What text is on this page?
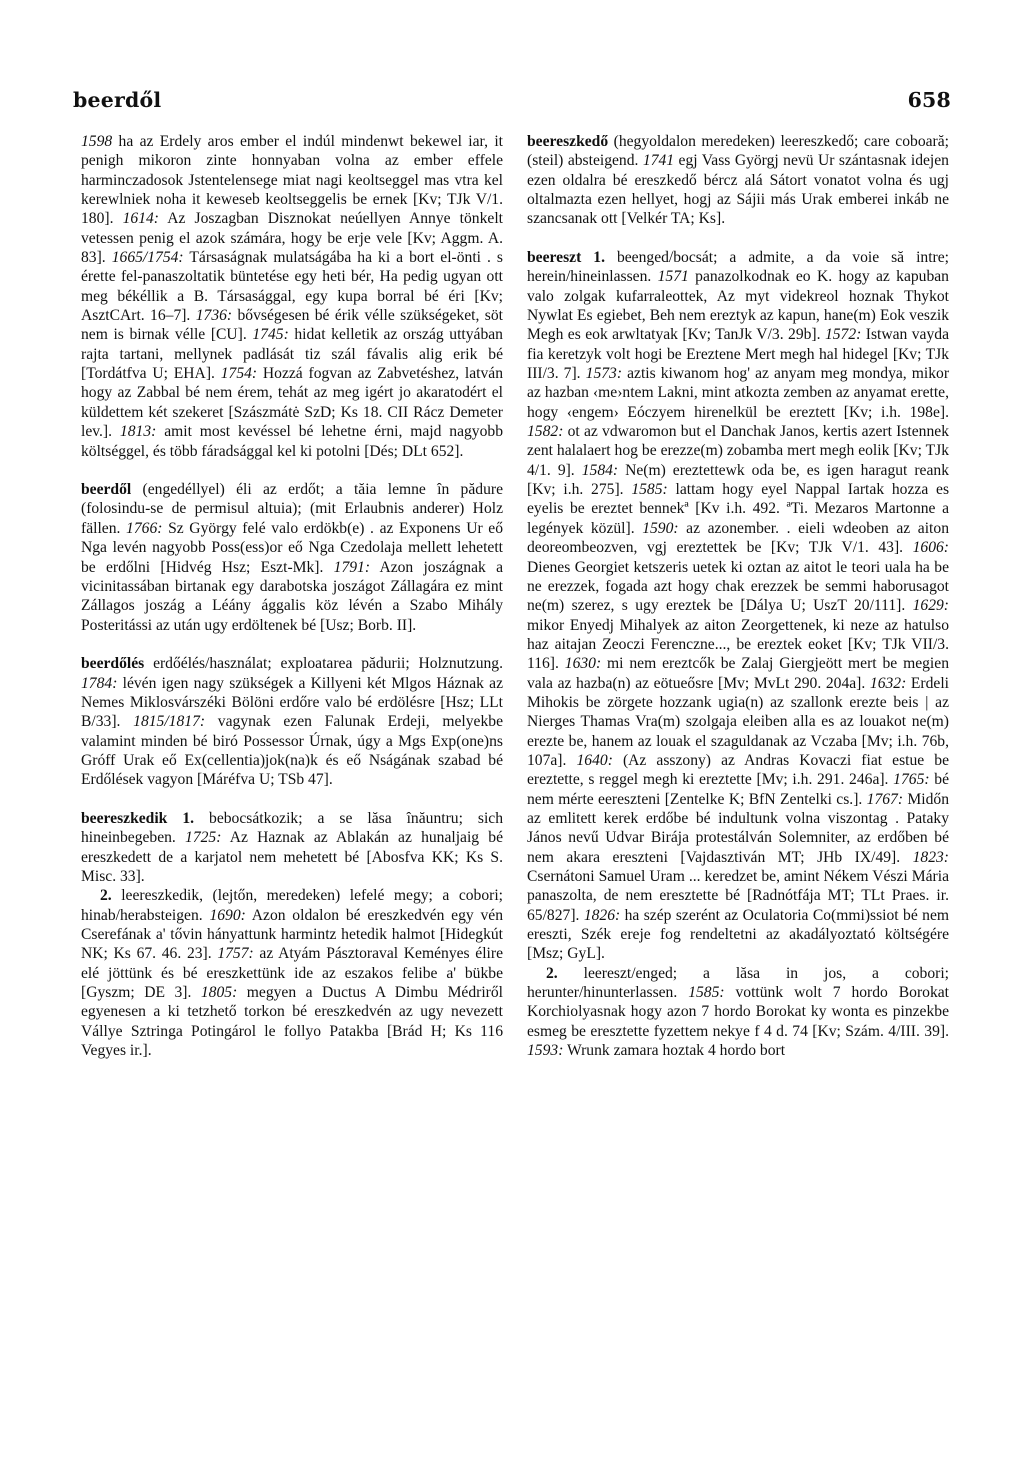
beerdől	658

1598 ha az Erdely aros ember el indúl mindenwt bekewel iar, it penigh mikoron zinte honnyaban volna az ember effele harminczadosok Jstentelensege miat nagi keoltseggel mas vtra kel kerewlniek noha it keweseb keoltseggelis be ernek [Kv; TJk V/1. 180]. 1614: Az Joszagban Disznokat neúellyen Annye tönkelt vetessen penig el azok számára, hogy be erje vele [Kv; Aggm. A. 83]. 1665/1754: Társaságnak mulatságába ha ki a bort el-önti . s érette fel-panaszoltatik büntetése egy heti bér, Ha pedig ugyan ott meg békéllik a B. Társasággal, egy kupa borral bé éri [Kv; AsztCArt. 16–7]. 1736: bővségesen bé érik vélle szükségeket, söt nem is birnak vélle [CU]. 1745: hidat kelletik az ország uttyában rajta tartani, mellynek padlását tiz szál fávalis alig erik bé [Tordátfva U; EHA]. 1754: Hozzá fogvan az Zabvetéshez, latván hogy az Zabbal bé nem érem, tehát az meg igért jo akaratodért el küldettem két szekeret [Szászmátė SzD; Ks 18. CII Rácz Demeter lev.]. 1813: amit most kevéssel bé lehetne érni, majd nagyobb költséggel, és több fáradsággal kel ki potolni [Dés; DLt 652].

beerdől (engedéllyel) éli az erdőt; a tăia lemne în pădure (folosindu-se de permisul altuia); (mit Erlaubnis anderer) Holz fällen. 1766: Sz György felé valo erdökb(e) . az Exponens Ur eő Nga levén nagyobb Poss(ess)or eő Nga Czedolaja mellett lehetett be erdőlni [Hidvég Hsz; Eszt-Mk]. 1791: Azon joszágnak a vicinitassában birtanak egy darabotska joszágot Zállagára ez mint Zállagos joszág a Léány ággalis köz lévén a Szabo Mihály Posteritássi az után ugy erdöltenek bé [Usz; Borb. II].

beerdőlés erdőélés/használat; exploatarea pădurii; Holznutzung. 1784: lévén igen nagy szükségek a Killyeni két Mlgos Háznak az Nemes Miklosvárszéki Bölöni erdőre valo bé erdölésre [Hsz; LLt B/33]. 1815/1817: vagynak ezen Falunak Erdeji, melyekbe valamint minden bé biró Possessor Úrnak, úgy a Mgs Exp(one)ns Gróff Urak eő Ex(cellentia)jok(na)k és eő Nságának szabad bé Erdőlések vagyon [Máréfva U; TSb 47].

beereszkedik 1. bebocsátkozik; a se lăsa înăuntru; sich hineinbegeben. 1725: Az Haznak az Ablakán az hunaljaig bé ereszkedett de a karjatol nem mehetett bé [Abosfva KK; Ks S. Misc. 33].

2. leereszkedik, (lejtőn, meredeken) lefelé megy; a cobori; hinab/herabsteigen. 1690: Azon oldalon bé ereszkedvén egy vén Cserefának a' tővin hányattunk harmintz hetedik halmot [Hidegkút NK; Ks 67. 46. 23]. 1757: az Atyám Pásztoraval Keményes élire elé jöttünk és bé ereszkettünk ide az eszakos felibe a' bükbe [Gyszm; DE 3]. 1805: megyen a Ductus A Dimbu Médriről egyenesen a ki tetzhető torkon bé ereszkedvén az ugy nevezett Vállye Sztringa Potingárol le follyo Patakba [Brád H; Ks 116 Vegyes ir.].

beereszkedő (hegyoldalon meredeken) leereszkedő; care coboară; (steil) absteigend. 1741 egj Vass Györgj nevü Ur szántasnak idejen ezen oldalra bé ereszkedő bércz alá Sátort vonatot volna és ugj oltalmazta ezen hellyet, hogj az Sájii más Urak emberei inkáb ne szancsanak ott [Velkér TA; Ks].

beereszt 1. beenged/bocsát; a admite, a da voie să intre; herein/hineinlassen. 1571 panazolkodnak eo K. hogy az kapuban valo zolgak kufarraleottek, Az myt videkreol hoznak Thykot Nywlat Es egiebet, Beh nem ereztyk az kapun, hane(m) Eok veszik Megh es eok arwltatyak [Kv; TanJk V/3. 29b]. 1572: Istwan vayda fia keretzyk volt hogi be Ereztene Mert megh hal hidegel [Kv; TJk III/3. 7]. 1573: aztis kiwanom hog' az anyam meg mondya, mikor az hazban ‹me›ntem Lakni, mint atkozta zemben az anyamat erette, hogy ‹engem› Eóczyem hirenelkül be ereztett [Kv; i.h. 198e]. 1582: ot az vdwaromon but el Danchak Janos, kertis azert Istennek zent halalaert hog be erezze(m) zobamba mert megh eolik [Kv; TJk 4/1. 9]. 1584: Ne(m) ereztettewk oda be, es igen haragut reank [Kv; i.h. 275]. 1585: lattam hogy eyel Nappal Iartak hozza es eyelis be ereztet bennekª [Kv i.h. 492. ªTi. Mezaros Martonne a legények közül]. 1590: az azonember. . eieli wdeoben az aiton deoreombeozven, vgj ereztettek be [Kv; TJk V/1. 43]. 1606: Dienes Georgiet ketszeris uetek ki oztan az aitot le teori uala ha be ne erezzek, fogada azt hogy chak erezzek be semmi haborusagot ne(m) szerez, s ugy ereztek be [Dálya U; UszT 20/111]. 1629: mikor Enyedj Mihalyek az aiton Zeorgettenek, ki neze az hatulso haz aitajan Zeoczi Ferenczne..., be ereztek eoket [Kv; TJk VII/3. 116]. 1630: mi nem ereztcők be Zalaj Giergjeött mert be megien vala az hazba(n) az eötueősre [Mv; MvLt 290. 204a]. 1632: Erdeli Mihokis be zörgete hozzank ugia(n) az szallonk erezte beis | az Nierges Thamas Vra(m) szolgaja eleiben alla es az louakot ne(m) erezte be, hanem az louak el szaguldanak az Vczaba [Mv; i.h. 76b, 107a]. 1640: (Az asszony) az Andras Kovaczi fiat estue be ereztette, s reggel megh ki ereztette [Mv; i.h. 291. 246a]. 1765: bé nem mérte eereszteni [Zentelke K; BfN Zentelki cs.]. 1767: Midőn az emlitett kerek erdőbe bé indultunk volna viszontag . Pataky János nevű Udvar Birája protestálván Solemniter, az erdőben bé nem akara ereszteni [Vajdasztiván MT; JHb IX/49]. 1823: Csernátoni Samuel Uram ... keredzet be, amint Nékem Vészi Mária panaszolta, de nem eresztette bé [Radnótfája MT; TLt Praes. ir. 65/827]. 1826: ha szép szerént az Oculatoria Co(mmi)ssiot bé nem ereszti, Szék ereje fog rendeltetni az akadályoztató költségére [Msz; GyL].

2. leereszt/enged; a lăsa in jos, a cobori; herunter/hinunterlassen. 1585: vottünk wolt 7 hordo Borokat Korchiolyasnak hogy azon 7 hordo Borokat ky wonta es pinzekbe esmeg be eresztette fyzettem nekye f 4 d. 74 [Kv; Szám. 4/III. 39]. 1593: Wrunk zamara hoztak 4 hordo bort
